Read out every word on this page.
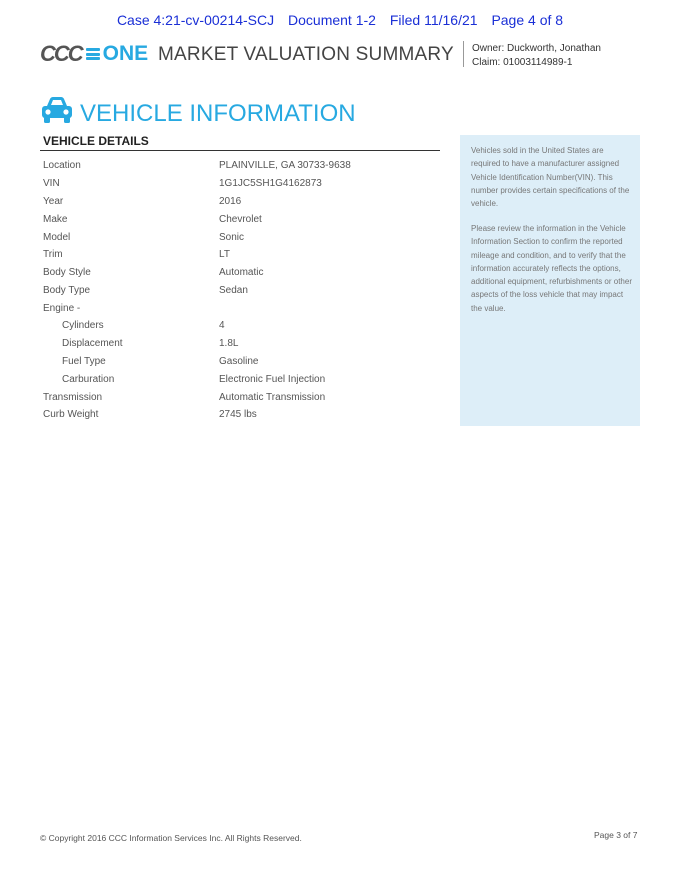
Case 4:21-cv-00214-SCJ Document 1-2 Filed 11/16/21 Page 4 of 8
CCC ONE MARKET VALUATION SUMMARY Owner: Duckworth, Jonathan
Claim: 01003114989-1
VEHICLE INFORMATION
VEHICLE DETAILS
Location	PLAINVILLE, GA 30733-9638
VIN	1G1JC5SH1G4162873
Year	2016
Make	Chevrolet
Model	Sonic
Trim	LT
Body Style	Automatic
Body Type	Sedan
Engine -
Cylinders	4
Displacement	1.8L
Fuel Type	Gasoline
Carburation	Electronic Fuel Injection
Transmission	Automatic Transmission
Curb Weight	2745 lbs

Vehicles sold in the United States are required to have a manufacturer assigned Vehicle Identification Number(VIN). This number provides certain specifications of the vehicle.

Please review the information in the Vehicle Information Section to confirm the reported mileage and condition, and to verify that the information accurately reflects the options, additional equipment, refurbishments or other aspects of the loss vehicle that may impact the value.

© Copyright 2016 CCC Information Services Inc. All Rights Reserved.	Page 3 of 7
